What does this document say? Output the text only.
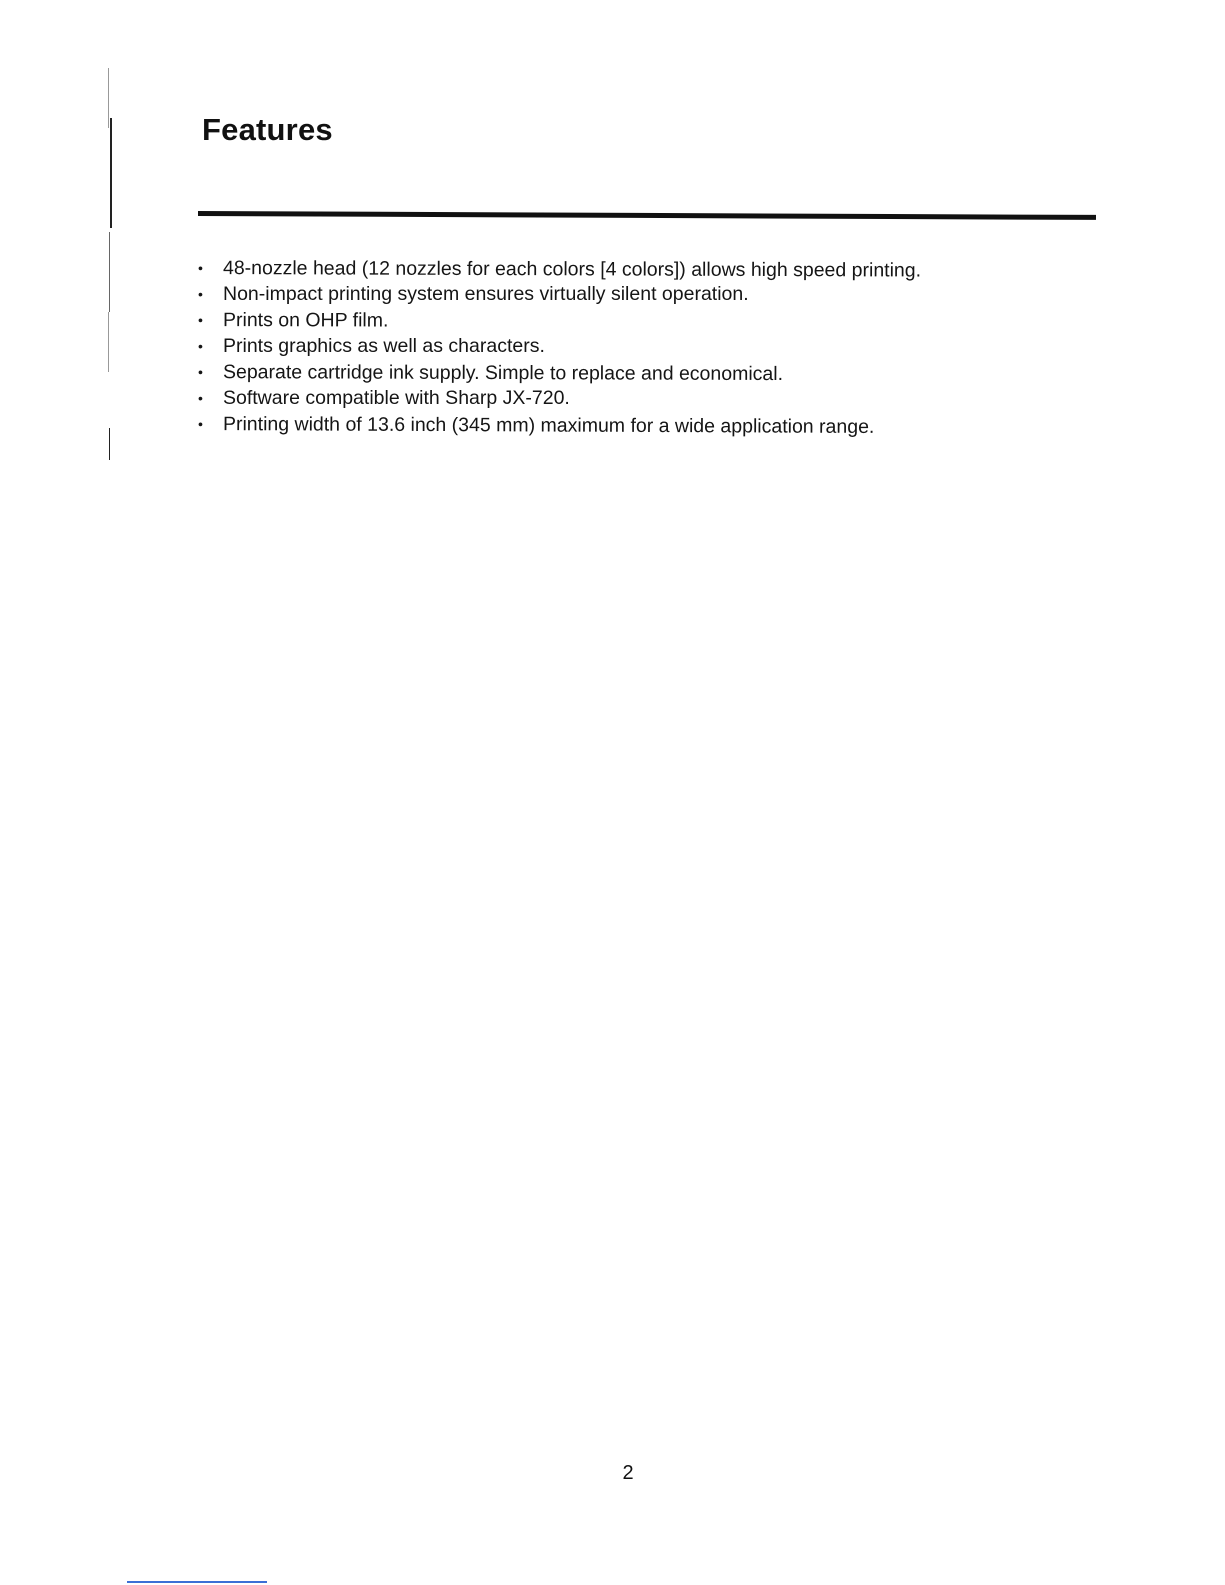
Features
• 48-nozzle head (12 nozzles for each colors [4 colors]) allows high speed printing.
• Non-impact printing system ensures virtually silent operation.
• Prints on OHP film.
• Prints graphics as well as characters.
• Separate cartridge ink supply. Simple to replace and economical.
• Software compatible with Sharp JX-720.
• Printing width of 13.6 inch (345 mm) maximum for a wide application range.
2
